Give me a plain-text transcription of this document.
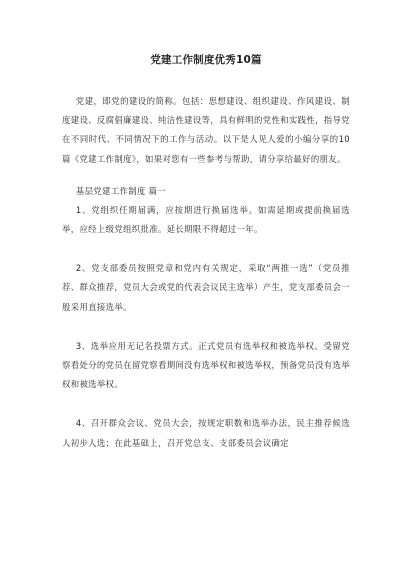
党建工作制度优秀10篇

党建，即党的建设的简称。包括：思想建设、组织建设、作风建设、制度建设、反腐倡廉建设、纯洁性建设等，具有鲜明的党性和实践性，指导党在不同时代、不同情况下的工作与活动。以下是人见人爱的小编分享的10篇《党建工作制度》，如果对您有一些参考与帮助，请分享给最好的朋友。

基层党建工作制度 篇一

1、党组织任期届满，应按期进行换届选举。如需延期或提前换届选举，应经上级党组织批准。延长期限不得超过一年。

2、党支部委员按照党章和党内有关规定，采取“两推一选”（党员推荐、群众推荐，党员大会或党的代表会议民主选举）产生，党支部委员会一般采用直接选举。

3、选举应用无记名投票方式。正式党员有选举权和被选举权。受留党察看处分的党员在留党察看期间没有选举权和被选举权，预备党员没有选举权和被选举权。

4、召开群众会议、党员大会，按规定职数和选举办法，民主推荐候选人初步人选；在此基础上，召开党总支、支部委员会议确定
